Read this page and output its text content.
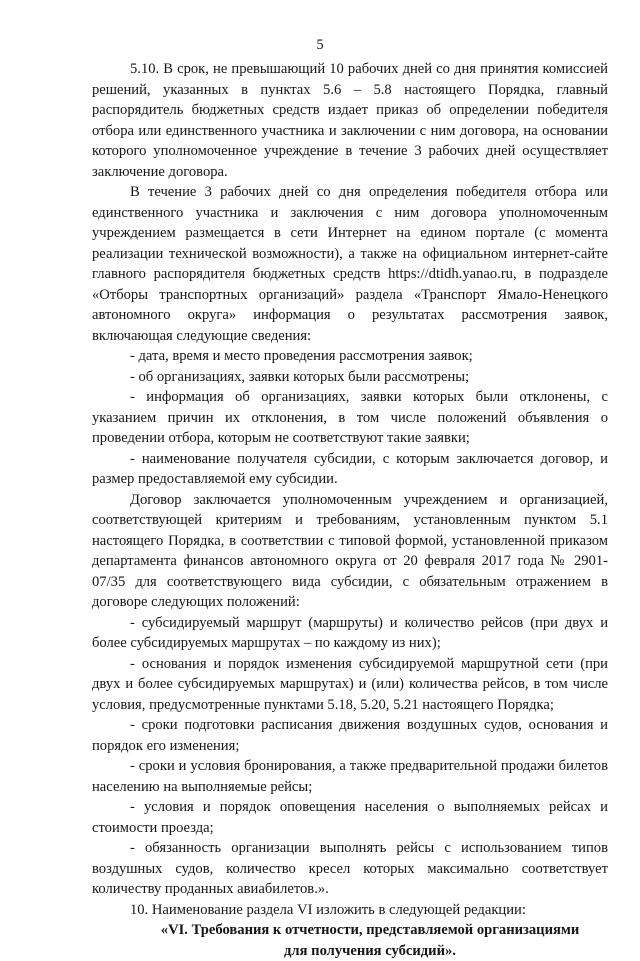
5

5.10. В срок, не превышающий 10 рабочих дней со дня принятия комиссией решений, указанных в пунктах 5.6 – 5.8 настоящего Порядка, главный распорядитель бюджетных средств издает приказ об определении победителя отбора или единственного участника и заключении с ним договора, на основании которого уполномоченное учреждение в течение 3 рабочих дней осуществляет заключение договора.

В течение 3 рабочих дней со дня определения победителя отбора или единственного участника и заключения с ним договора уполномоченным учреждением размещается в сети Интернет на едином портале (с момента реализации технической возможности), а также на официальном интернет-сайте главного распорядителя бюджетных средств https://dtidh.yanao.ru, в подразделе «Отборы транспортных организаций» раздела «Транспорт Ямало-Ненецкого автономного округа» информация о результатах рассмотрения заявок, включающая следующие сведения:

- дата, время и место проведения рассмотрения заявок;

- об организациях, заявки которых были рассмотрены;

- информация об организациях, заявки которых были отклонены, с указанием причин их отклонения, в том числе положений объявления о проведении отбора, которым не соответствуют такие заявки;

- наименование получателя субсидии, с которым заключается договор, и размер предоставляемой ему субсидии.

Договор заключается уполномоченным учреждением и организацией, соответствующей критериям и требованиям, установленным пунктом 5.1 настоящего Порядка, в соответствии с типовой формой, установленной приказом департамента финансов автономного округа от 20 февраля 2017 года № 2901-07/35 для соответствующего вида субсидии, с обязательным отражением в договоре следующих положений:

- субсидируемый маршрут (маршруты) и количество рейсов (при двух и более субсидируемых маршрутах – по каждому из них);

- основания и порядок изменения субсидируемой маршрутной сети (при двух и более субсидируемых маршрутах) и (или) количества рейсов, в том числе условия, предусмотренные пунктами 5.18, 5.20, 5.21 настоящего Порядка;

- сроки подготовки расписания движения воздушных судов, основания и порядок его изменения;

- сроки и условия бронирования, а также предварительной продажи билетов населению на выполняемые рейсы;

- условия и порядок оповещения населения о выполняемых рейсах и стоимости проезда;

- обязанность организации выполнять рейсы с использованием типов воздушных судов, количество кресел которых максимально соответствует количеству проданных авиабилетов.».

10. Наименование раздела VI изложить в следующей редакции:

«VI. Требования к отчетности, представляемой организациями
для получения субсидий».
